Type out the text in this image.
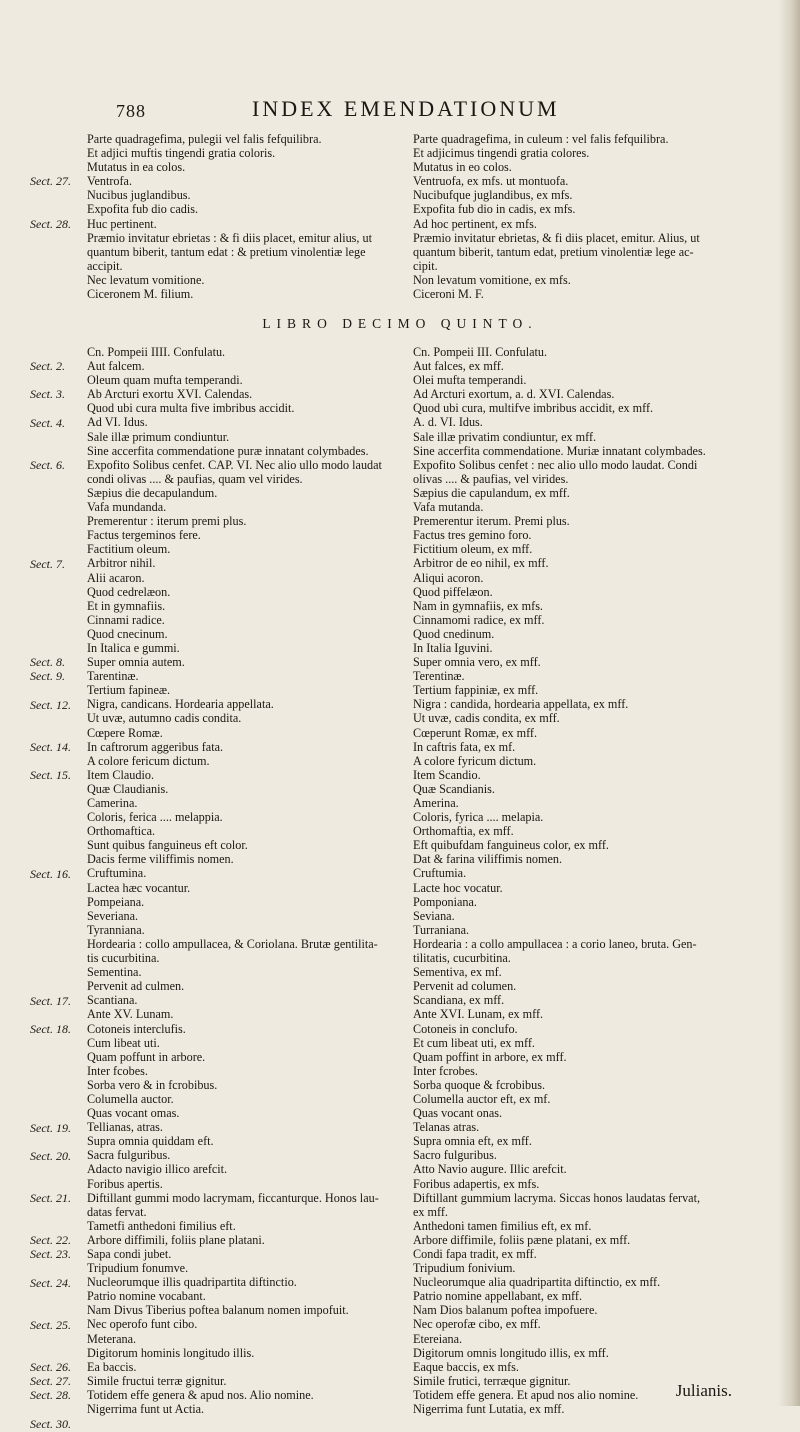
788	INDEX EMENDATIONUM
Sect. 27.
Sect. 28.
Parte quadragefima, pulegii vel falis fefquilibra.
Et adjici muftis tingendi gratia coloris.
Mutatus in ea colos.
Ventrofa.
Nucibus juglandibus.
Expofita fub dio cadis.
Huc pertinent.
Præmio invitatur ebrietas : & fi diis placet, emitur alius, ut
quantum biberit, tantum edat : & pretium vinolentiæ lege
accipit.
Nec levatum vomitione.
Ciceronem M. filium.
Parte quadragefima, in culeum : vel falis fefquilibra.
Et adjicimus tingendi gratia colores.
Mutatus in eo colos.
Ventruofa, ex mfs. ut montuofa.
Nucibufque juglandibus, ex mfs.
Expofita fub dio in cadis, ex mfs.
Ad hoc pertinent, ex mfs.
Præmio invitatur ebrietas, & fi diis placet, emitur. Alius, ut
quantum biberit, tantum edat, pretium vinolentiæ lege ac-
cipit.
Non levatum vomitione, ex mfs.
Ciceroni M. F.
LIBRO DECIMO QUINTO.
Sect. 2.
Sect. 3.
Sect. 4.
Sect. 6.
Sect. 7.
Sect. 8.
Sect. 9.
Sect. 12.
Sect. 14.
Sect. 15.
Sect. 16.
Sect. 17.
Sect. 18.
Sect. 19.
Sect. 20.
Sect. 21.
Sect. 22.
Sect. 23.
Sect. 24.
Sect. 25.
Sect. 26.
Sect. 27.
Sect. 28.
Sect. 30.
Cn. Pompeii IIII. Confulatu.
Aut falcem.
Oleum quam mufta temperandi.
Ab Arcturi exortu XVI. Calendas.
Quod ubi cura multa five imbribus accidit.
Ad VI. Idus.
Sale illæ primum condiuntur.
Sine accerfita commendatione puræ innatant colymbades.
Expofito Solibus cenfet. CAP. VI. Nec alio ullo modo laudat
condi olivas .... & paufias, quam vel virides.
Sæpius die decapulandum.
Vafa mundanda.
Premerentur : iterum premi plus.
Factus tergeminos fere.
Factitium oleum.
Arbitror nihil.
Alii acaron.
Quod cedrelæon.
Et in gymnafiis.
Cinnami radice.
Quod cnecinum.
In Italica e gummi.
Super omnia autem.
Tarentinæ.
Tertium fapineæ.
Nigra, candicans. Hordearia appellata.
Ut uvæ, autumno cadis condita.
Cœpere Romæ.
In caftrorum aggeribus fata.
A colore fericum dictum.
Item Claudio.
Quæ Claudianis.
Camerina.
Coloris, ferica .... melappia.
Orthomaftica.
Sunt quibus fanguineus eft color.
Dacis ferme viliffimis nomen.
Cruftumina.
Lactea hæc vocantur.
Pompeiana.
Severiana.
Tyranniana.
Hordearia : collo ampullacea, & Coriolana. Brutæ gentilita-
tis cucurbitina.
Sementina.
Pervenit ad culmen.
Scantiana.
Ante XV. Lunam.
Cotoneis interclufis.
Cum libeat uti.
Quam poffunt in arbore.
Inter fcobes.
Sorba vero & in fcrobibus.
Columella auctor.
Quas vocant omas.
Tellianas, atras.
Supra omnia quiddam eft.
Sacra fulguribus.
Adacto navigio illico arefcit.
Foribus apertis.
Diftillant gummi modo lacrymam, ficcanturque. Honos lau-
datas fervat.
Tametfi anthedoni fimilius eft.
Arbore diffimili, foliis plane platani.
Sapa condi jubet.
Tripudium fonumve.
Nucleorumque illis quadripartita diftinctio.
Patrio nomine vocabant.
Nam Divus Tiberius poftea balanum nomen impofuit.
Nec operofo funt cibo.
Meterana.
Digitorum hominis longitudo illis.
Ea baccis.
Simile fructui terræ gignitur.
Totidem effe genera & apud nos. Alio nomine.
Nigerrima funt ut Actia.
Cn. Pompeii III. Confulatu.
Aut falces, ex mff.
Olei mufta temperandi.
Ad Arcturi exortum, a. d. XVI. Calendas.
Quod ubi cura, multifve imbribus accidit, ex mff.
A. d. VI. Idus.
Sale illæ privatim condiuntur, ex mff.
Sine accerfita commendatione. Muriæ innatant colymbades.
Expofito Solibus cenfet : nec alio ullo modo laudat. Condi
olivas .... & paufias, vel virides.
Sæpius die capulandum, ex mff.
Vafa mutanda.
Premerentur iterum. Premi plus.
Factus tres gemino foro.
Fictitium oleum, ex mff.
Arbitror de eo nihil, ex mff.
Aliqui acoron.
Quod piffelæon.
Nam in gymnafiis, ex mfs.
Cinnamomi radice, ex mff.
Quod cnedinum.
In Italia Iguvini.
Super omnia vero, ex mff.
Terentinæ.
Tertium fappiniæ, ex mff.
Nigra : candida, hordearia appellata, ex mff.
Ut uvæ, cadis condita, ex mff.
Cœperunt Romæ, ex mff.
In caftris fata, ex mf.
A colore fyricum dictum.
Item Scandio.
Quæ Scandianis.
Amerina.
Coloris, fyrica .... melapia.
Orthomaftia, ex mff.
Eft quibufdam fanguineus color, ex mff.
Dat & farina viliffimis nomen.
Cruftumia.
Lacte hoc vocatur.
Pomponiana.
Seviana.
Turraniana.
Hordearia : a collo ampullacea : a corio laneo, bruta. Gen-
tilitatis, cucurbitina.
Sementiva, ex mf.
Pervenit ad columen.
Scandiana, ex mff.
Ante XVI. Lunam, ex mff.
Cotoneis in conclufo.
Et cum libeat uti, ex mff.
Quam poffint in arbore, ex mff.
Inter fcrobes.
Sorba quoque & fcrobibus.
Columella auctor eft, ex mf.
Quas vocant onas.
Telanas atras.
Supra omnia eft, ex mff.
Sacro fulguribus.
Atto Navio augure. Illic arefcit.
Foribus adapertis, ex mfs.
Diftillant gummium lacryma. Siccas honos laudatas fervat,
ex mff.
Anthedoni tamen fimilius eft, ex mf.
Arbore diffimile, foliis pæne platani, ex mff.
Condi fapa tradit, ex mff.
Tripudium fonivium.
Nucleorumque alia quadripartita diftinctio, ex mff.
Patrio nomine appellabant, ex mff.
Nam Dios balanum poftea impofuere.
Nec operofæ cibo, ex mff.
Etereiana.
Digitorum omnis longitudo illis, ex mff.
Eaque baccis, ex mfs.
Simile frutici, terræque gignitur.
Totidem effe genera. Et apud nos alio nomine.
Nigerrima funt Lutatia, ex mff.
Julianis.
